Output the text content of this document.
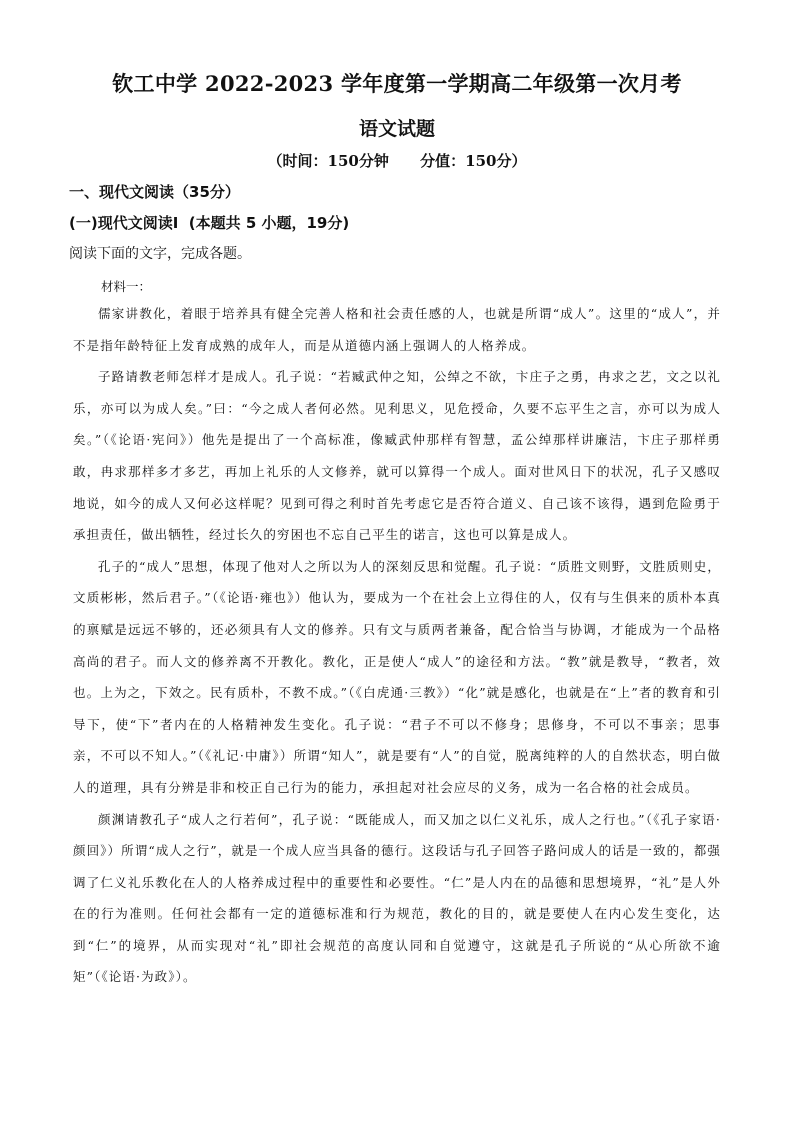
钦工中学 2022-2023 学年度第一学期高二年级第一次月考
语文试题
（时间：150分钟      分值：150分）
一、现代文阅读（35分）
(一)现代文阅读Ⅰ  (本题共 5 小题，19分)
阅读下面的文字，完成各题。
材料一：

儒家讲教化，着眼于培养具有健全完善人格和社会责任感的人，也就是所谓“成人”。这里的“成人”，并不是指年龄特征上发育成熟的成年人，而是从道德内涵上强调人的人格养成。

子路请教老师怎样才是成人。孔子说：“若臧武仲之知，公绰之不欲，卞庄子之勇，冉求之艺，文之以礼乐，亦可以为成人矣。”曰：“今之成人者何必然。见利思义，见危授命，久要不忘平生之言，亦可以为成人矣。”（《论语·宪问》）他先是提出了一个高标准，像臧武仲那样有智慧，孟公绰那样讲廉洁，卞庄子那样勇敢，冉求那样多才多艺，再加上礼乐的人文修养，就可以算得一个成人。面对世风日下的状况，孔子又感叹地说，如今的成人又何必这样呢？见到可得之利时首先考虑它是否符合道义、自己该不该得，遇到危险勇于承担责任，做出牺牲，经过长久的穷困也不忘自己平生的诺言，这也可以算是成人。

孔子的“成人”思想，体现了他对人之所以为人的深刻反思和觉醒。孔子说：“质胜文则野，文胜质则史，文质彬彬，然后君子。”（《论语·雍也》）他认为，要成为一个在社会上立得住的人，仅有与生俱来的质朴本真的禀赋是远远不够的，还必须具有人文的修养。只有文与质两者兼备，配合恰当与协调，才能成为一个品格高尚的君子。而人文的修养离不开教化。教化，正是使人“成人”的途径和方法。“教”就是教导，“教者，效也。上为之，下效之。民有质朴，不教不成。”（《白虎通·三教》）“化”就是感化，也就是在“上”者的教育和引导下，使“下”者内在的人格精神发生变化。孔子说：“君子不可以不修身；思修身，不可以不事亲；思事亲，不可以不知人。”（《礼记·中庸》）所谓“知人”，就是要有“人”的自觉，脱离纯粹的人的自然状态，明白做人的道理，具有分辨是非和校正自己行为的能力，承担起对社会应尽的义务，成为一名合格的社会成员。

颜渊请教孔子“成人之行若何”，孔子说：“既能成人，而又加之以仁义礼乐，成人之行也。”（《孔子家语·颜回》）所谓“成人之行”，就是一个成人应当具备的德行。这段话与孔子回答子路问成人的话是一致的，都强调了仁义礼乐教化在人的人格养成过程中的重要性和必要性。“仁”是人内在的品德和思想境界，“礼”是人外在的行为准则。任何社会都有一定的道德标准和行为规范，教化的目的，就是要使人在内心发生变化，达到“仁”的境界，从而实现对“礼”即社会规范的高度认同和自觉遵守，这就是孔子所说的“从心所欲不逾矩”（《论语·为政》）。
